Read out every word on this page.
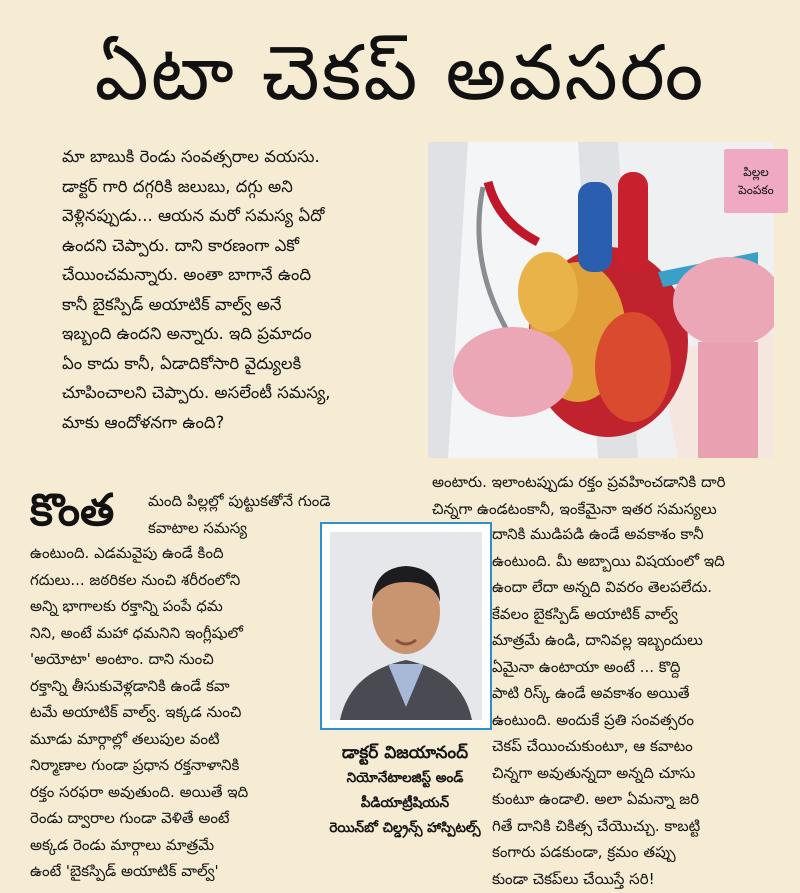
ఏటా చెకప్ అవసరం

మా బాబుకి రెండు సంవత్సరాల వయసు.

డాక్టర్ గారి దగ్గరికి జలుబు, దగ్గు అని

వెళ్లినప్పుడు... ఆయన మరో సమస్య ఏదో

ఉందని చెప్పారు. దాని కారణంగా ఎకో

చేయించమన్నారు. అంతా బాగానే ఉంది

కానీ బైకస్పిడ్ అయాటిక్ వాల్వ్ అనే

ఇబ్బంది ఉందని అన్నారు. ఇది ప్రమాదం

ఏం కాదు కానీ, ఏడాదికోసారి వైద్యులకి

చూపించాలని చెప్పారు. అసలేంటీ సమస్య,

మాకు ఆందోళనగా ఉంది?

పిల్లల
పెంపకం
కొంత మంది పిల్లల్లో పుట్టుకతోనే గుండె

కవాటాల సమస్య

ఉంటుంది. ఎడమవైపు ఉండే కింది

గదులు... జఠరికల నుంచి శరీరంలోని

అన్ని భాగాలకు రక్తాన్ని పంపే ధమ

నిని, అంటే మహా ధమనిని ఇంగ్లీషులో

'అయోటా' అంటాం. దాని నుంచి

రక్తాన్ని తీసుకువెళ్లడానికి ఉండే కవా

టమే అయాటిక్ వాల్వ్. ఇక్కడ నుంచి

మూడు మార్గాల్లో తలుపుల వంటి

నిర్మాణాల గుండా ప్రధాన రక్తనాళానికి

రక్తం సరఫరా అవుతుంది. అయితే ఇది

రెండు ద్వారాల గుండా వెళితే అంటే

అక్కడ రెండు మార్గాలు మాత్రమే

ఉంటే 'బైకస్పిడ్ అయాటిక్ వాల్వ్'

అంటారు. ఇలాంటప్పుడు రక్తం ప్రవహించడానికి దారి

చిన్నగా ఉండటంకానీ, ఇంకేమైనా ఇతర సమస్యలు

దానికి ముడిపడి ఉండే అవకాశం కానీ

ఉంటుంది. మీ అబ్బాయి విషయంలో ఇది

ఉందా లేదా అన్నది వివరం తెలపలేదు.

కేవలం బైకస్పిడ్ అయాటిక్ వాల్వ్

మాత్రమే ఉండి, దానివల్ల ఇబ్బందులు

ఏమైనా ఉంటాయా అంటే ... కొద్ది

పాటి రిస్క్ ఉండే అవకాశం అయితే

ఉంటుంది. అందుకే ప్రతి సంవత్సరం

చెకప్ చేయించుకుంటూ, ఆ కవాటం

చిన్నగా అవుతున్నదా అన్నది చూసు

కుంటూ ఉండాలి. అలా ఏమన్నా జరి

గితే దానికి చికిత్స చేయొచ్చు. కాబట్టి

కంగారు పడకుండా, క్రమం తప్పు

కుండా చెకప్‌లు చేయిస్తే సరి!

డాక్టర్ విజయానంద్
నియోనేటాలజిస్ట్ అండ్
పీడియాట్రీషియన్
రెయిన్‌బో చిల్డ్రన్స్ హాస్పిటల్స్
